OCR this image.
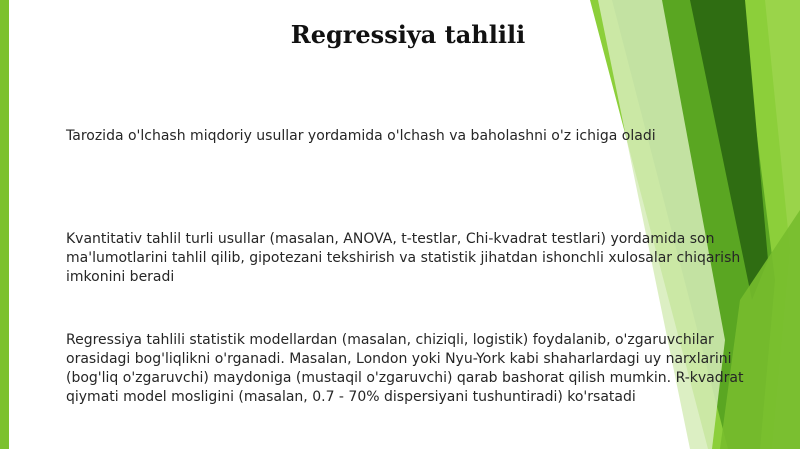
Regressiya tahlili

Tarozida o'lchash miqdoriy usullar yordamida o'lchash va baholashni o'z ichiga oladi

Kvantitativ tahlil turli usullar (masalan, ANOVA, t-testlar, Chi-kvadrat testlari) yordamida son ma'lumotlarini tahlil qilib, gipotezani tekshirish va statistik jihatdan ishonchli xulosalar chiqarish imkonini beradi

Regressiya tahlili statistik modellardan (masalan, chiziqli, logistik) foydalanib, o'zgaruvchilar orasidagi bog'liqlikni o'rganadi. Masalan, London yoki Nyu-York kabi shaharlardagi uy narxlarini (bog'liq o'zgaruvchi) maydoniga (mustaqil o'zgaruvchi) qarab bashorat qilish mumkin. R-kvadrat qiymati model mosligini (masalan, 0.7 - 70% dispersiyani tushuntiradi) ko'rsatadi
